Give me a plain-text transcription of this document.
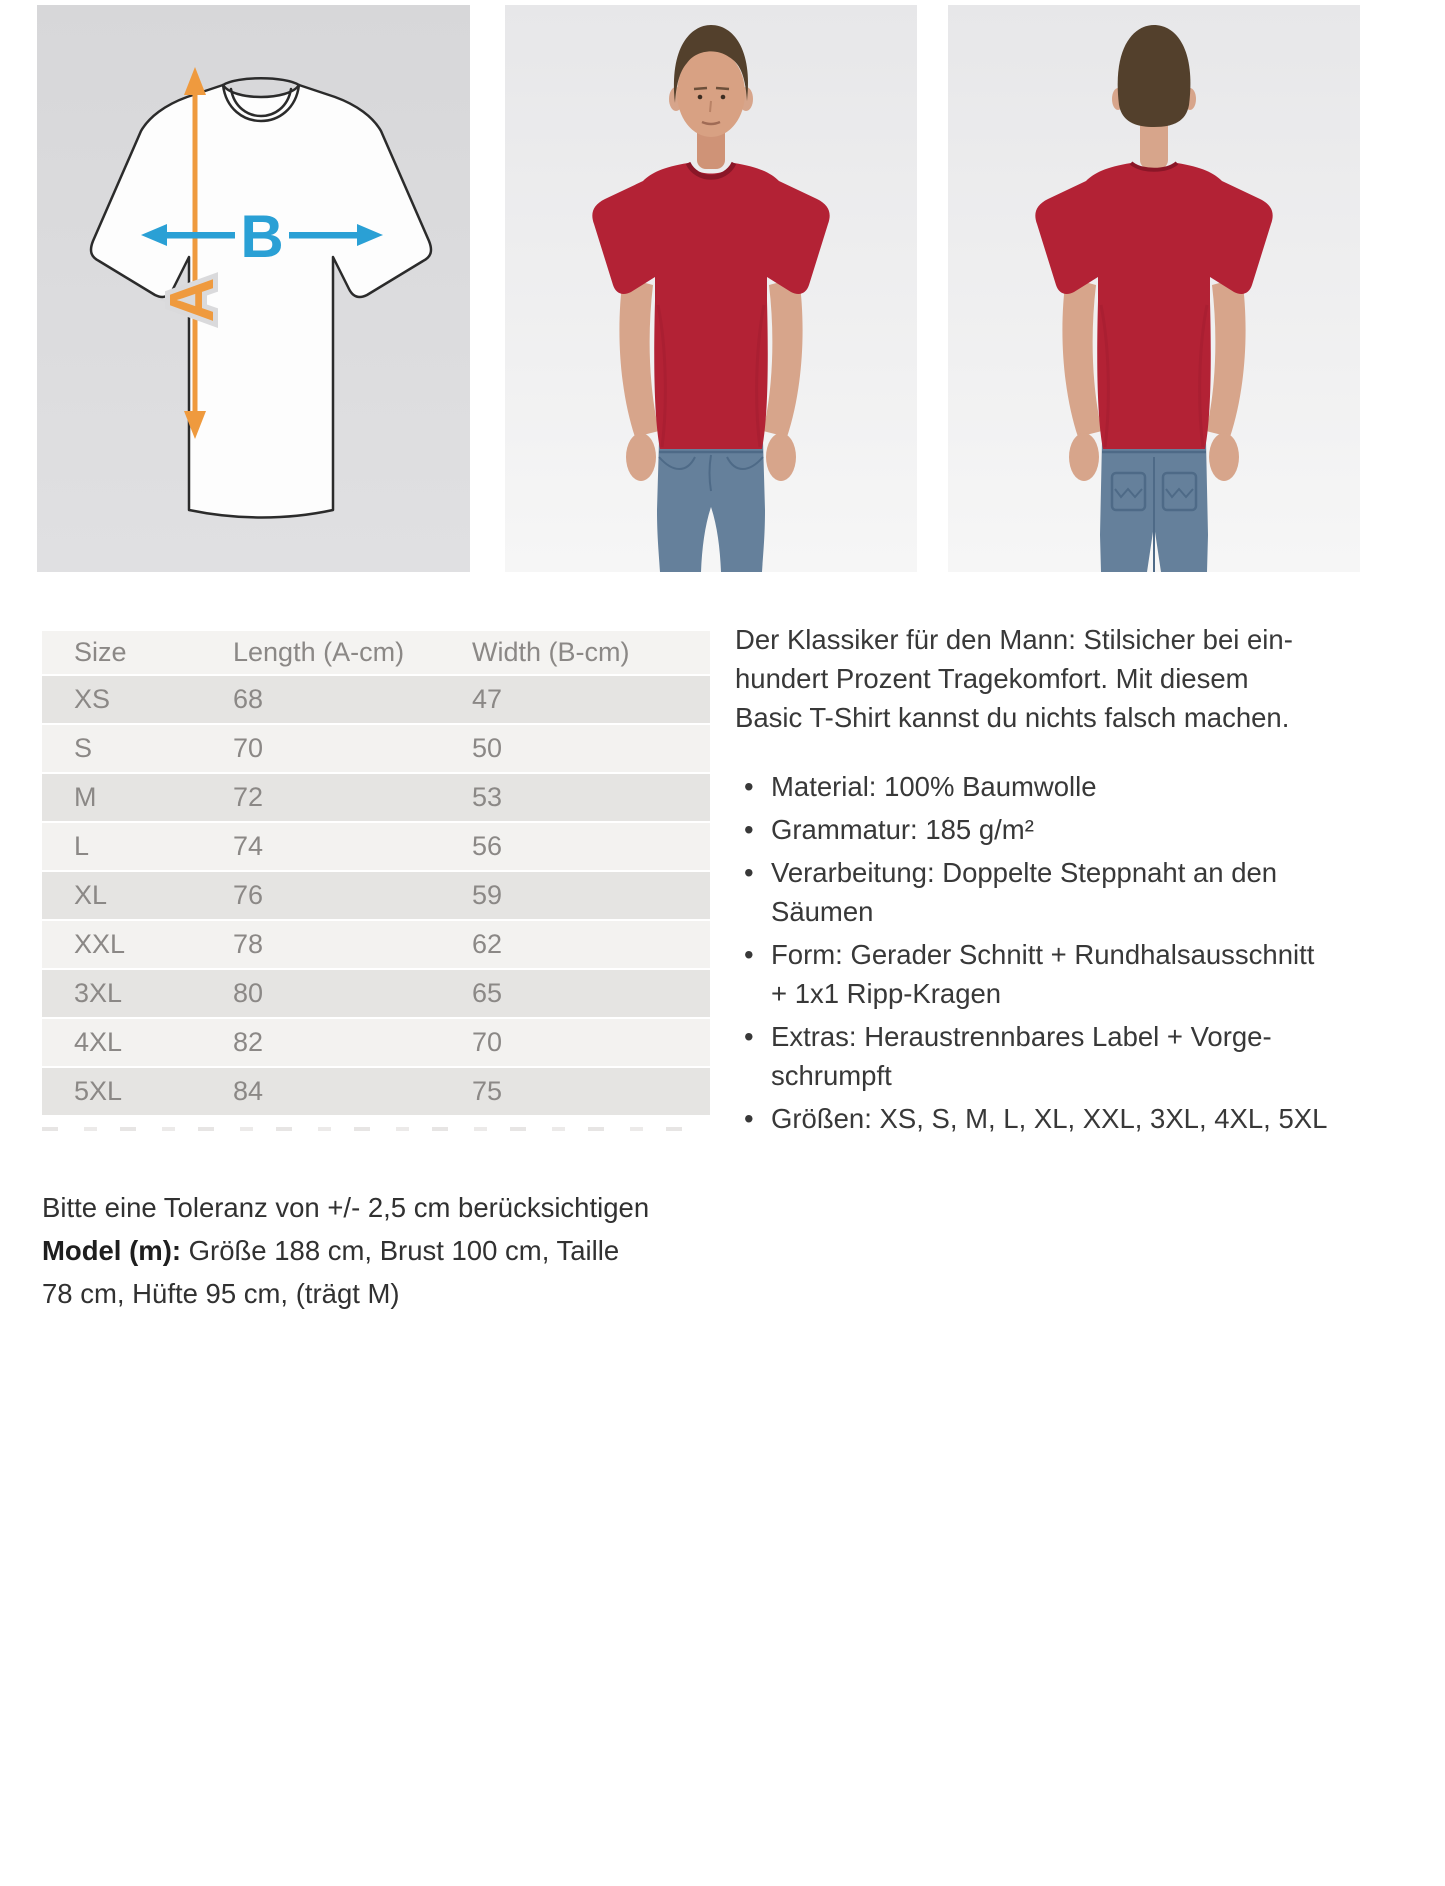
A
B
Size	Length (A-cm)	Width (B-cm)
XS	68	47
S	70	50
M	72	53
L	74	56
XL	76	59
XXL	78	62
3XL	80	65
4XL	82	70
5XL	84	75

Der Klassiker für den Mann: Stilsicher bei ein-
hundert Prozent Tragekomfort. Mit diesem
Basic T-Shirt kannst du nichts falsch machen.

• Material: 100% Baumwolle
• Grammatur: 185 g/m²
• Verarbeitung: Doppelte Steppnaht an den
Säumen
• Form: Gerader Schnitt + Rundhalsausschnitt
+ 1x1 Ripp-Kragen
• Extras: Heraustrennbares Label + Vorge-
schrumpft
• Größen: XS, S, M, L, XL, XXL, 3XL, 4XL, 5XL
Bitte eine Toleranz von +/- 2,5 cm berücksichtigen
Model (m): Größe 188 cm, Brust 100 cm, Taille
78 cm, Hüfte 95 cm, (trägt M)
